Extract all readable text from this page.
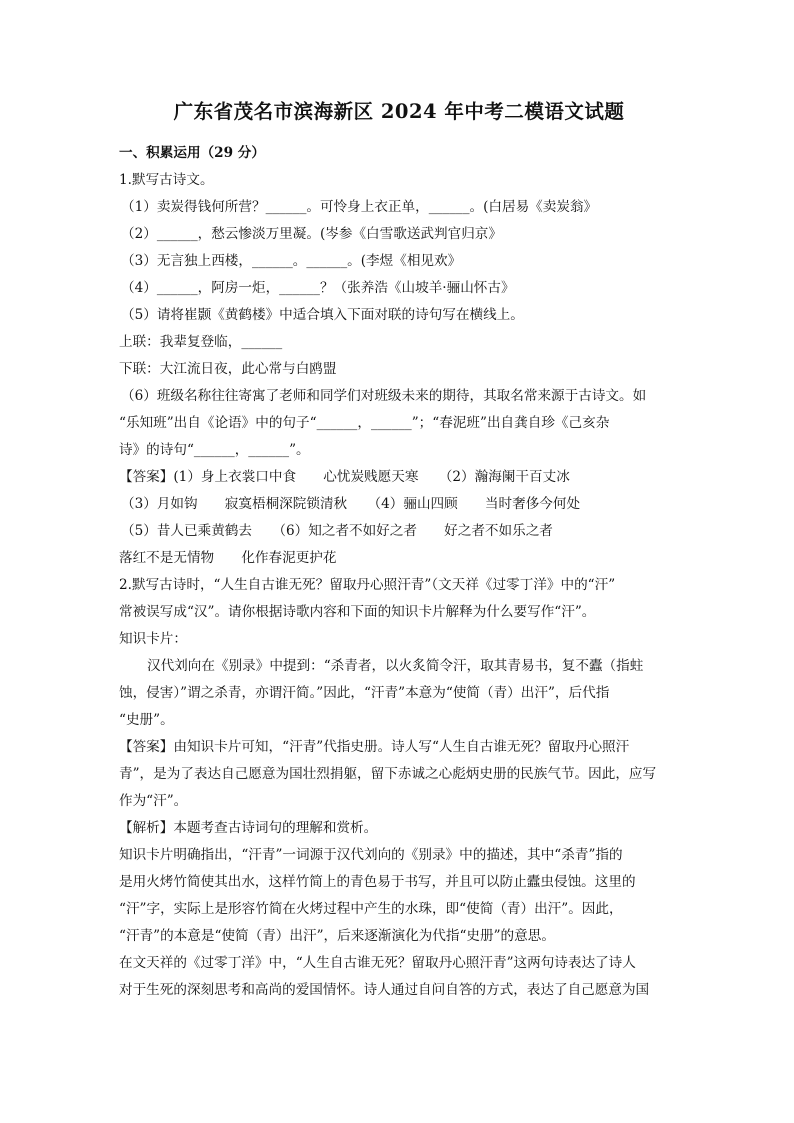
广东省茂名市滨海新区 2024 年中考二模语文试题
一、积累运用（29 分）
1.默写古诗文。
（1）卖炭得钱何所营？______。可怜身上衣正单，______。(白居易《卖炭翁》
（2）______，愁云惨淡万里凝。(岑参《白雪歌送武判官归京》
（3）无言独上西楼，______。______。(李煜《相见欢》
（4）______，阿房一炬，______？（张养浩《山坡羊·骊山怀古》
（5）请将崔颢《黄鹤楼》中适合填入下面对联的诗句写在横线上。
上联：我辈复登临，______
下联：大江流日夜，此心常与白鸥盟
（6）班级名称往往寄寓了老师和同学们对班级未来的期待，其取名常来源于古诗文。如
“乐知班”出自《论语》中的句子“______，______”；“春泥班”出自龚自珍《己亥杂
诗》的诗句“______，______”。
【答案】(1）身上衣裳口中食　　心忧炭贱愿天寒　　（2）瀚海阑干百丈冰
（3）月如钩　　寂寞梧桐深院锁清秋　　（4）骊山四顾　　当时奢侈今何处
（5）昔人已乘黄鹤去　　（6）知之者不如好之者　　好之者不如乐之者
落红不是无情物　　化作春泥更护花
2.默写古诗时，“人生自古谁无死？留取丹心照汗青”（文天祥《过零丁洋》中的“汗”
常被误写成“汉”。请你根据诗歌内容和下面的知识卡片解释为什么要写作“汗”。
知识卡片：
汉代刘向在《别录》中提到：“杀青者，以火炙简令汗，取其青易书，复不蠹（指蛀
蚀，侵害）”谓之杀青，亦谓汗简。”因此，“汗青”本意为“使简（青）出汗”，后代指
“史册”。
【答案】由知识卡片可知，“汗青”代指史册。诗人写“人生自古谁无死？留取丹心照汗
青”，是为了表达自己愿意为国壮烈捐躯，留下赤诚之心彪炳史册的民族气节。因此，应写
作为“汗”。
【解析】本题考查古诗词句的理解和赏析。
知识卡片明确指出，“汗青”一词源于汉代刘向的《别录》中的描述，其中“杀青”指的
是用火烤竹简使其出水，这样竹简上的青色易于书写，并且可以防止蠹虫侵蚀。这里的
“汗”字，实际上是形容竹简在火烤过程中产生的水珠，即“使简（青）出汗”。因此，
“汗青”的本意是“使简（青）出汗”，后来逐渐演化为代指“史册”的意思。
在文天祥的《过零丁洋》中，“人生自古谁无死？留取丹心照汗青”这两句诗表达了诗人
对于生死的深刻思考和高尚的爱国情怀。诗人通过自问自答的方式，表达了自己愿意为国
